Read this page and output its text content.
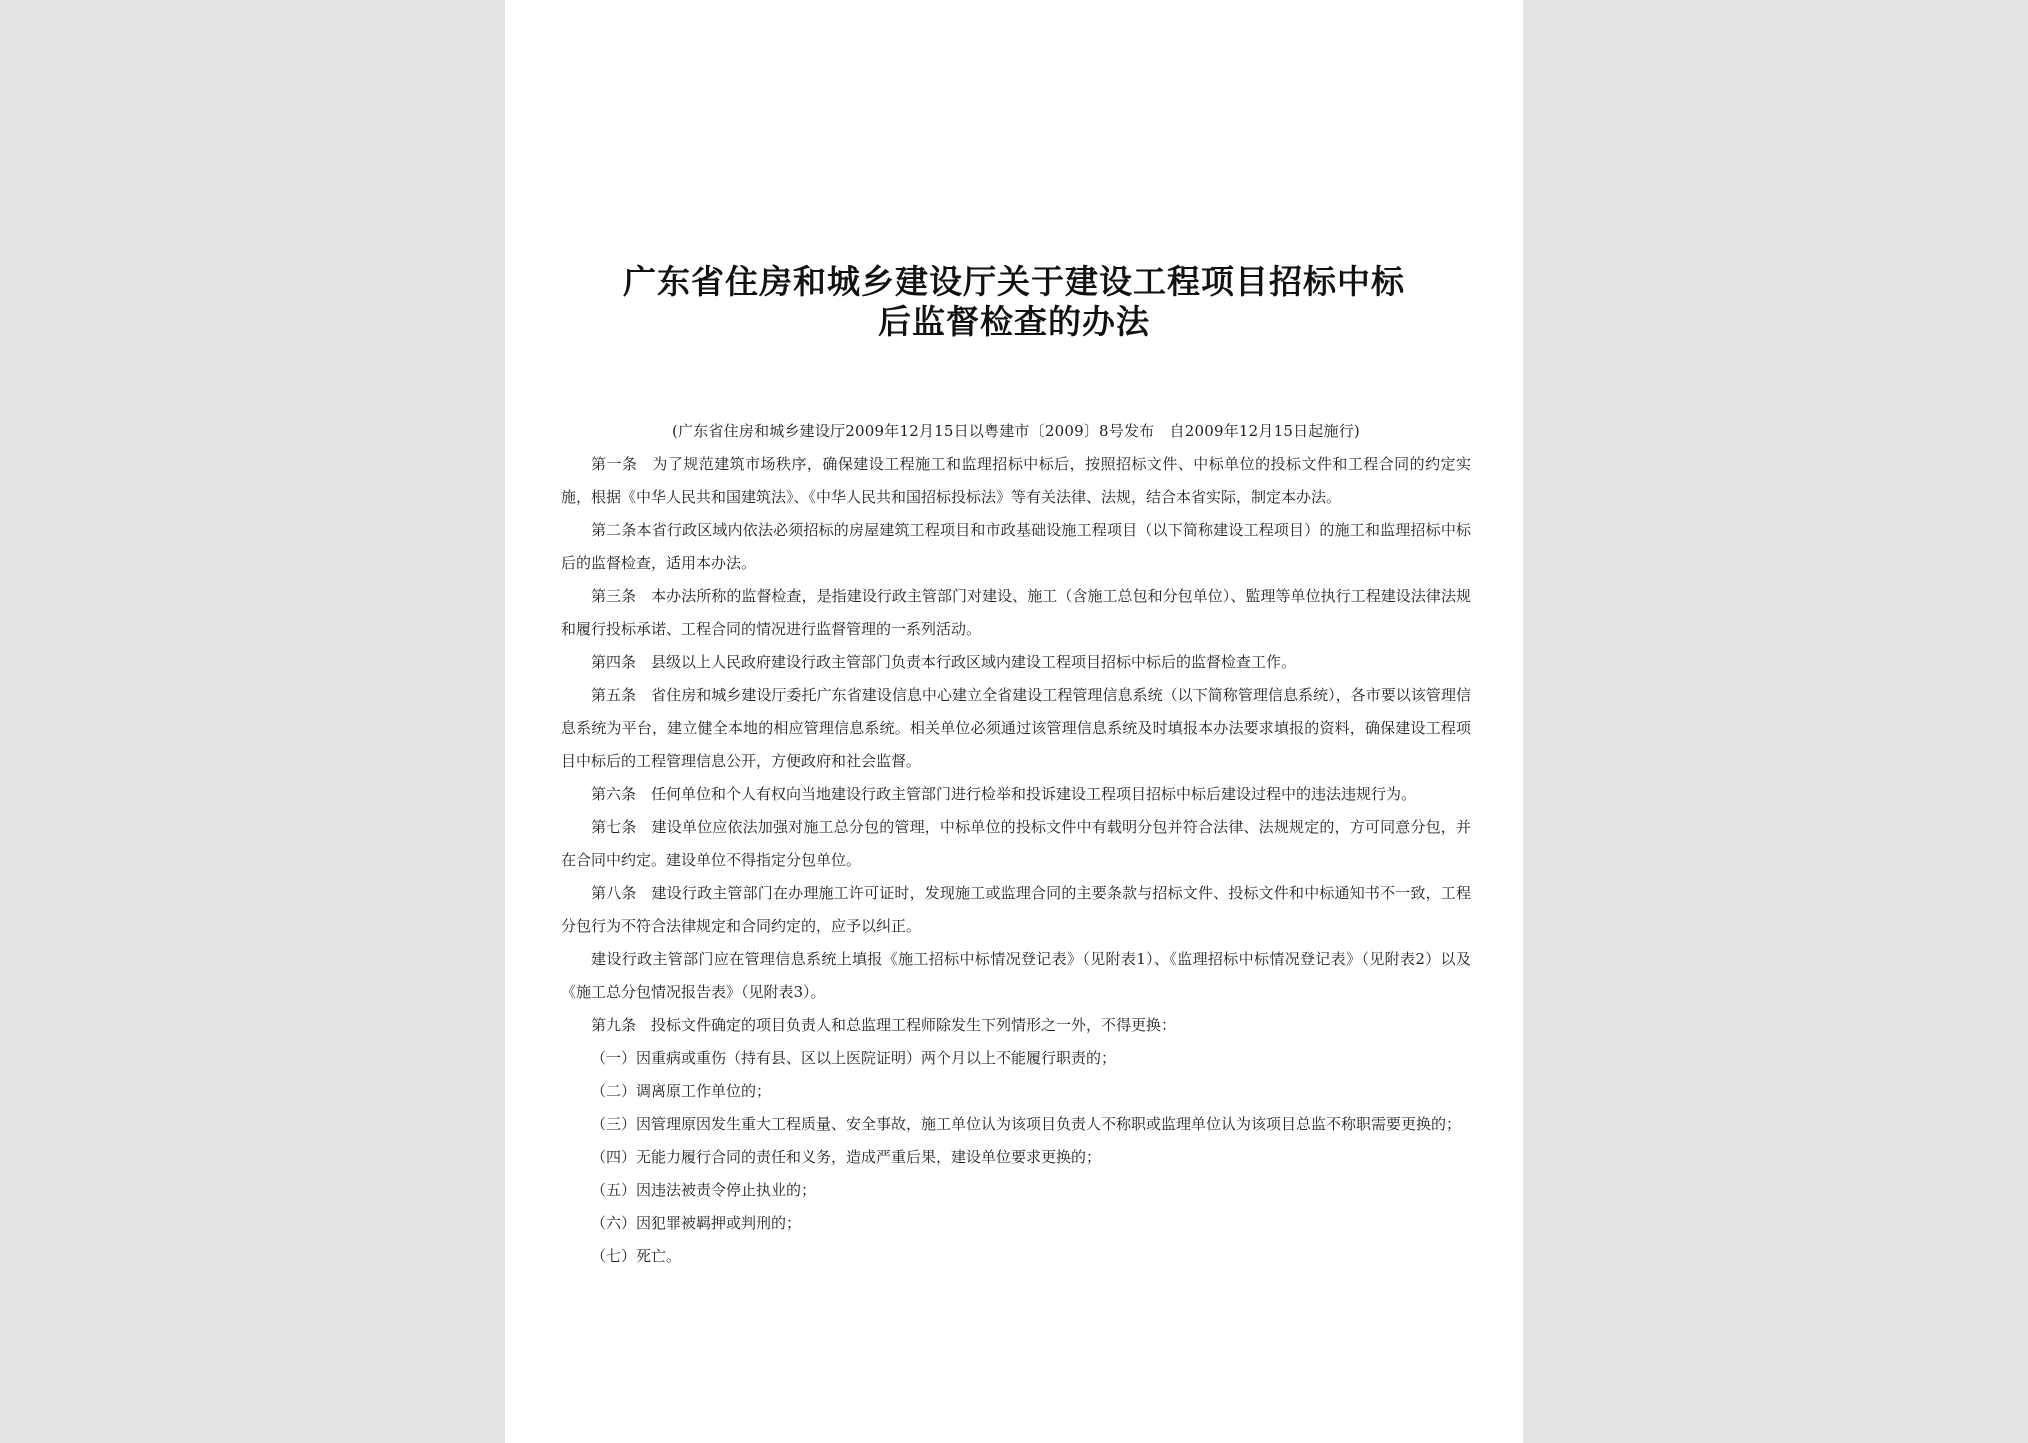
广东省住房和城乡建设厅关于建设工程项目招标中标
后监督检查的办法
(广东省住房和城乡建设厅2009年12月15日以粤建市〔2009〕8号发布　自2009年12月15日起施行)

第一条 为了规范建筑市场秩序，确保建设工程施工和监理招标中标后，按照招标文件、中标单位的投标文件和工程合同的约定实施，根据《中华人民共和国建筑法》、《中华人民共和国招标投标法》等有关法律、法规，结合本省实际，制定本办法。

第二条本省行政区域内依法必须招标的房屋建筑工程项目和市政基础设施工程项目（以下简称建设工程项目）的施工和监理招标中标后的监督检查，适用本办法。

第三条 本办法所称的监督检查，是指建设行政主管部门对建设、施工（含施工总包和分包单位）、監理等单位执行工程建设法律法规和履行投标承诺、工程合同的情况进行监督管理的一系列活动。

第四条 县级以上人民政府建设行政主管部门负责本行政区域内建设工程项目招标中标后的监督检查工作。

第五条 省住房和城乡建设厅委托广东省建设信息中心建立全省建设工程管理信息系统（以下简称管理信息系统），各市要以该管理信息系统为平台，建立健全本地的相应管理信息系统。相关单位必须通过该管理信息系统及时填报本办法要求填报的资料，确保建设工程项目中标后的工程管理信息公开，方便政府和社会监督。

第六条 任何单位和个人有权向当地建设行政主管部门进行检举和投诉建设工程项目招标中标后建设过程中的违法违规行为。

第七条 建设单位应依法加强对施工总分包的管理，中标单位的投标文件中有载明分包并符合法律、法规规定的，方可同意分包，并在合同中约定。建设单位不得指定分包单位。

第八条 建设行政主管部门在办理施工许可证时，发现施工或监理合同的主要条款与招标文件、投标文件和中标通知书不一致，工程分包行为不符合法律规定和合同约定的，应予以纠正。

建设行政主管部门应在管理信息系统上填报《施工招标中标情况登记表》（见附表1）、《监理招标中标情况登记表》（见附表2）以及《施工总分包情况报告表》（见附表3）。

第九条 投标文件确定的项目负责人和总监理工程师除发生下列情形之一外，不得更换：

（一）因重病或重伤（持有县、区以上医院证明）两个月以上不能履行职责的；

（二）调离原工作单位的；

（三）因管理原因发生重大工程质量、安全事故，施工单位认为该项目负责人不称职或监理单位认为该项目总监不称职需要更换的；

（四）无能力履行合同的责任和义务，造成严重后果，建设单位要求更换的；

（五）因违法被责令停止执业的；

（六）因犯罪被羁押或判刑的；

（七）死亡。
